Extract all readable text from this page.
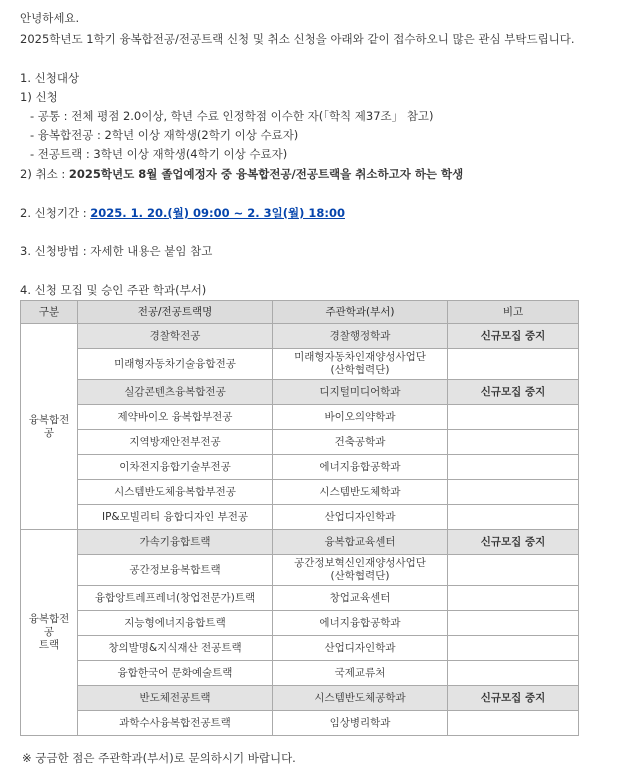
안녕하세요.
2025학년도 1학기 융복합전공/전공트랙 신청 및 취소 신청을 아래와 같이 접수하오니 많은 관심 부탁드립니다.
1. 신청대상
1) 신청
- 공통 : 전체 평점 2.0이상, 학년 수료 인정학점 이수한 자(「학칙 제37조」 참고)
- 융복합전공 : 2학년 이상 재학생(2학기 이상 수료자)
- 전공트랙 : 3학년 이상 재학생(4학기 이상 수료자)
2) 취소 : 2025학년도 8월 졸업예정자 중 융복합전공/전공트랙을 취소하고자 하는 학생
2. 신청기간 : 2025. 1. 20.(월) 09:00 ~ 2. 3일(월) 18:00
3. 신청방법 : 자세한 내용은 붙임 참고
4. 신청 모집 및 승인 주관 학과(부서)
구분	전공/전공트랙명	주관학과(부서)	비고
융복합전
공	경찰학전공	경찰행정학과	신규모집 중지
	미래형자동차기술융합전공	미래형자동차인재양성사업단
(산학협력단)	
	실감콘텐츠융복합전공	디지털미디어학과	신규모집 중지
	제약바이오 융복합부전공	바이오의약학과	
	지역방재안전부전공	건축공학과	
	이차전지융합기술부전공	에너지융합공학과	
	시스템반도체융복합부전공	시스템반도체학과	
	IP&모빌리티 융합디자인 부전공	산업디자인학과	
융복합전
공
트랙	가속기융합트랙	융복합교육센터	신규모집 중지
	공간정보융복합트랙	공간정보혁신인재양성사업단
(산학협력단)	
	융합앙트레프레너(창업전문가)트랙	창업교육센터	
	지능형에너지융합트랙	에너지융합공학과	
	창의발명&지식재산 전공트랙	산업디자인학과	
	융합한국어 문화예술트랙	국제교류처	
	반도체전공트랙	시스템반도체공학과	신규모집 중지
	과학수사융복합전공트랙	임상병리학과	
※ 궁금한 점은 주관학과(부서)로 문의하시기 바랍니다.
